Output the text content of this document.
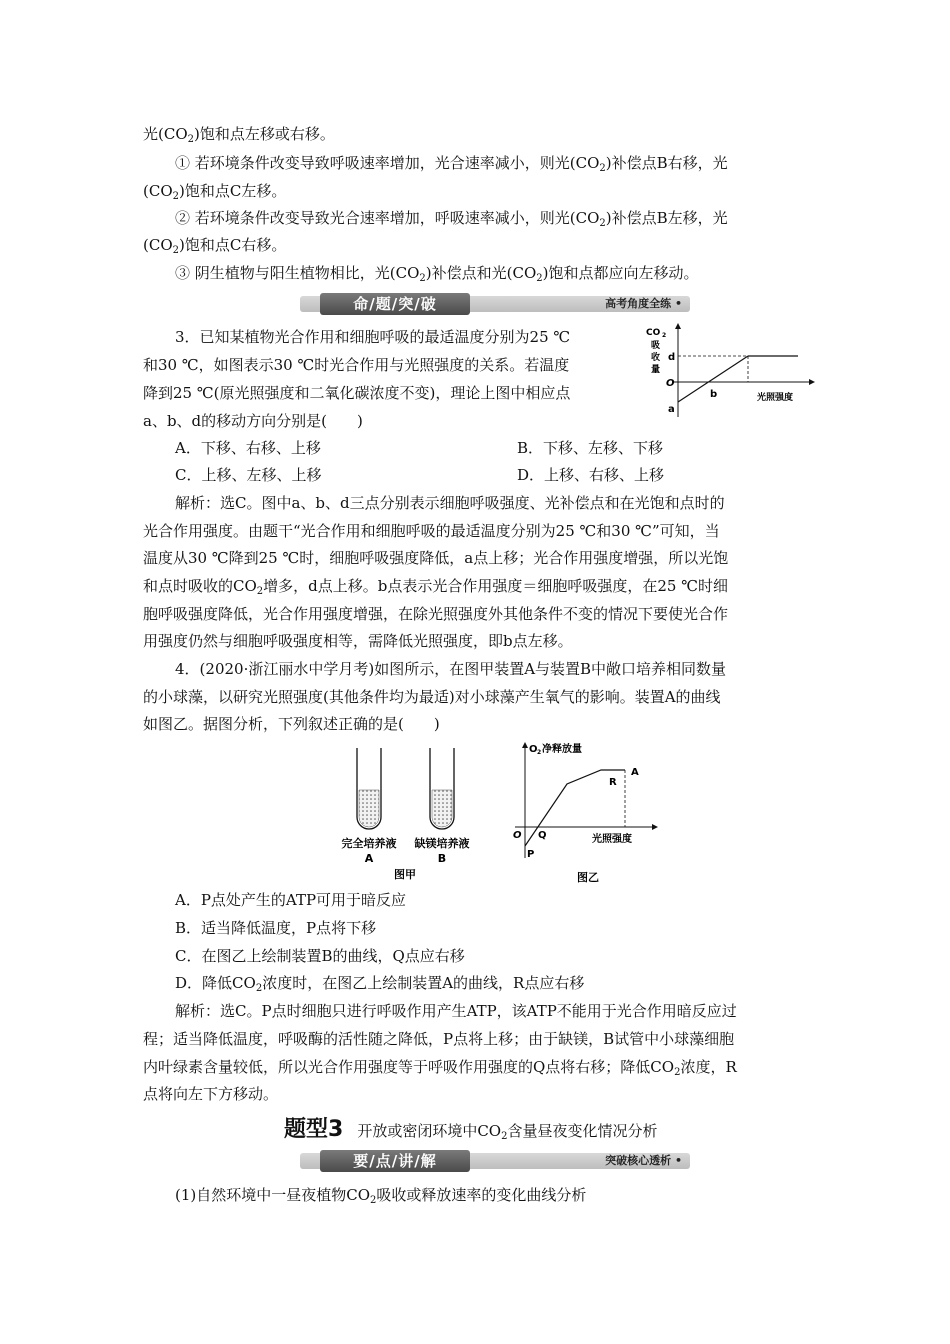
光$(CO_2)$饱和点左移或右移。
① 若环境条件改变导致呼吸速率增加，光合速率减小，则光$(CO_2)$补偿点B右移，光
$(CO_2)$饱和点C左移。
② 若环境条件改变导致光合速率增加，呼吸速率减小，则光$(CO_2)$补偿点B左移，光
$(CO_2)$饱和点C右移。
③ 阴生植物与阳生植物相比，光$(CO_2)$补偿点和光$(CO_2)$饱和点都应向左移动。
命/题/突/破	高考角度全练 •
3．已知某植物光合作用和细胞呼吸的最适温度分别为25 ℃
和30 ℃，如图表示30 ℃时光合作用与光照强度的关系。若温度
降到25 ℃(原光照强度和二氧化碳浓度不变)，理论上图中相应点
a、b、d的移动方向分别是(　　)
CO 2
吸
收
量
d
O
b
a
光照强度
A．下移、右移、上移	B．下移、左移、下移
C．上移、左移、上移	D．上移、右移、上移
解析：选C。图中a、b、d三点分别表示细胞呼吸强度、光补偿点和在光饱和点时的
光合作用强度。由题干“光合作用和细胞呼吸的最适温度分别为25 ℃和30 ℃”可知，当
温度从30 ℃降到25 ℃时，细胞呼吸强度降低，a点上移；光合作用强度增强，所以光饱
和点时吸收的$CO_2$增多，d点上移。b点表示光合作用强度＝细胞呼吸强度，在25 ℃时细
胞呼吸强度降低，光合作用强度增强，在除光照强度外其他条件不变的情况下要使光合作
用强度仍然与细胞呼吸强度相等，需降低光照强度，即b点左移。
4．(2020·浙江丽水中学月考)如图所示，在图甲装置A与装置B中敞口培养相同数量
的小球藻，以研究光照强度(其他条件均为最适)对小球藻产生氧气的影响。装置A的曲线
如图乙。据图分析，下列叙述正确的是(　　)
完全培养液
A
缺镁培养液
B
图甲
O 2 净释放量
A
R
O Q
P
光照强度
图乙
A．P点处产生的ATP可用于暗反应
B．适当降低温度，P点将下移
C．在图乙上绘制装置B的曲线，Q点应右移
D．降低$CO_2$浓度时，在图乙上绘制装置A的曲线，R点应右移
解析：选C。P点时细胞只进行呼吸作用产生ATP，该ATP不能用于光合作用暗反应过
程；适当降低温度，呼吸酶的活性随之降低，P点将上移；由于缺镁，B试管中小球藻细胞
内叶绿素含量较低，所以光合作用强度等于呼吸作用强度的Q点将右移；降低$CO_2$浓度，R
点将向左下方移动。
题型3 开放或密闭环境中$CO_2$含量昼夜变化情况分析
要/点/讲/解	突破核心透析 •
(1)自然环境中一昼夜植物$CO_2$吸收或释放速率的变化曲线分析
